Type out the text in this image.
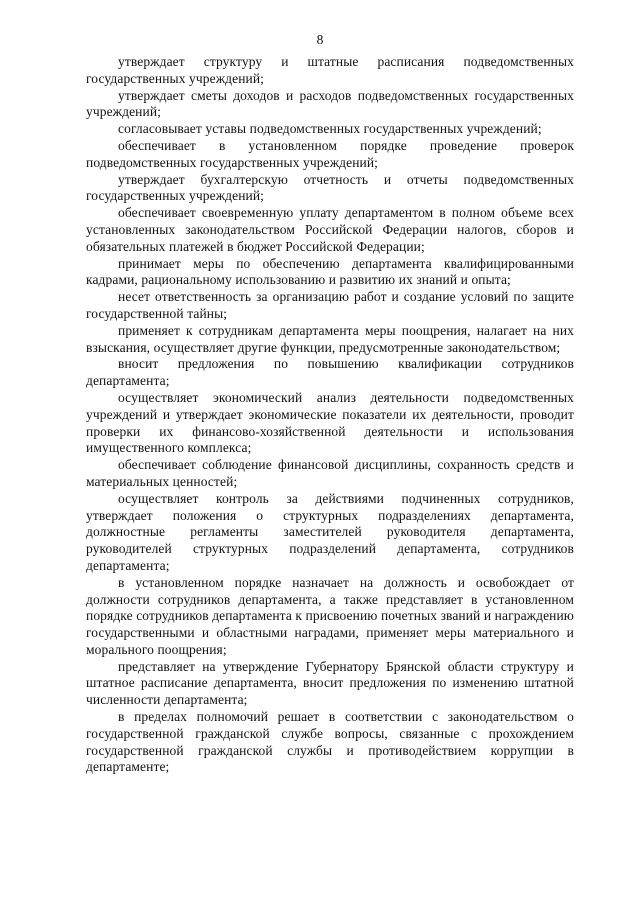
8

утверждает структуру и штатные расписания подведомственных государственных учреждений;

утверждает сметы доходов и расходов подведомственных государственных учреждений;

согласовывает уставы подведомственных государственных учреждений;

обеспечивает в установленном порядке проведение проверок подведомственных государственных учреждений;

утверждает бухгалтерскую отчетность и отчеты подведомственных государственных учреждений;

обеспечивает своевременную уплату департаментом в полном объеме всех установленных законодательством Российской Федерации налогов, сборов и обязательных платежей в бюджет Российской Федерации;

принимает меры по обеспечению департамента квалифицированными кадрами, рациональному использованию и развитию их знаний и опыта;

несет ответственность за организацию работ и создание условий по защите государственной тайны;

применяет к сотрудникам департамента меры поощрения, налагает на них взыскания, осуществляет другие функции, предусмотренные законодательством;

вносит предложения по повышению квалификации сотрудников департамента;

осуществляет экономический анализ деятельности подведомственных учреждений и утверждает экономические показатели их деятельности, проводит проверки их финансово-хозяйственной деятельности и использования имущественного комплекса;

обеспечивает соблюдение финансовой дисциплины, сохранность средств и материальных ценностей;

осуществляет контроль за действиями подчиненных сотрудников, утверждает положения о структурных подразделениях департамента, должностные регламенты заместителей руководителя департамента, руководителей структурных подразделений департамента, сотрудников департамента;

в установленном порядке назначает на должность и освобождает от должности сотрудников департамента, а также представляет в установленном порядке сотрудников департамента к присвоению почетных званий и награждению государственными и областными наградами, применяет меры материального и морального поощрения;

представляет на утверждение Губернатору Брянской области структуру и штатное расписание департамента, вносит предложения по изменению штатной численности департамента;

в пределах полномочий решает в соответствии с законодательством о государственной гражданской службе вопросы, связанные с прохождением государственной гражданской службы и противодействием коррупции в департаменте;
